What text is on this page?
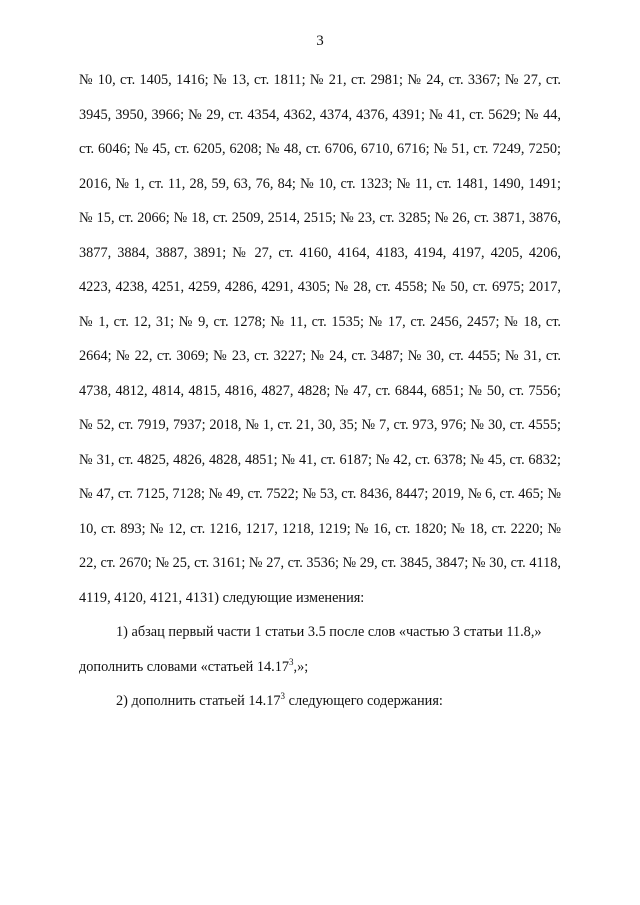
3

№ 10, ст. 1405, 1416; № 13, ст. 1811; № 21, ст. 2981; № 24, ст. 3367; № 27, ст. 3945, 3950, 3966; № 29, ст. 4354, 4362, 4374, 4376, 4391; № 41, ст. 5629; № 44, ст. 6046; № 45, ст. 6205, 6208; № 48, ст. 6706, 6710, 6716; № 51, ст. 7249, 7250; 2016, № 1, ст. 11, 28, 59, 63, 76, 84; № 10, ст. 1323; № 11, ст. 1481, 1490, 1491; № 15, ст. 2066; № 18, ст. 2509, 2514, 2515; № 23, ст. 3285; № 26, ст. 3871, 3876, 3877, 3884, 3887, 3891; № 27, ст. 4160, 4164, 4183, 4194, 4197, 4205, 4206, 4223, 4238, 4251, 4259, 4286, 4291, 4305; № 28, ст. 4558; № 50, ст. 6975; 2017, № 1, ст. 12, 31; № 9, ст. 1278; № 11, ст. 1535; № 17, ст. 2456, 2457; № 18, ст. 2664; № 22, ст. 3069; № 23, ст. 3227; № 24, ст. 3487; № 30, ст. 4455; № 31, ст. 4738, 4812, 4814, 4815, 4816, 4827, 4828; № 47, ст. 6844, 6851; № 50, ст. 7556; № 52, ст. 7919, 7937; 2018, № 1, ст. 21, 30, 35; № 7, ст. 973, 976; № 30, ст. 4555; № 31, ст. 4825, 4826, 4828, 4851; № 41, ст. 6187; № 42, ст. 6378; № 45, ст. 6832; № 47, ст. 7125, 7128; № 49, ст. 7522; № 53, ст. 8436, 8447; 2019, № 6, ст. 465; № 10, ст. 893; № 12, ст. 1216, 1217, 1218, 1219; № 16, ст. 1820; № 18, ст. 2220; № 22, ст. 2670; № 25, ст. 3161; № 27, ст. 3536; № 29, ст. 3845, 3847; № 30, ст. 4118, 4119, 4120, 4121, 4131) следующие изменения:

1) абзац первый части 1 статьи 3.5 после слов «частью 3 статьи 11.8,»

дополнить словами «статьей 14.17$^3$,»;

2) дополнить статьей 14.17$^3$ следующего содержания:
